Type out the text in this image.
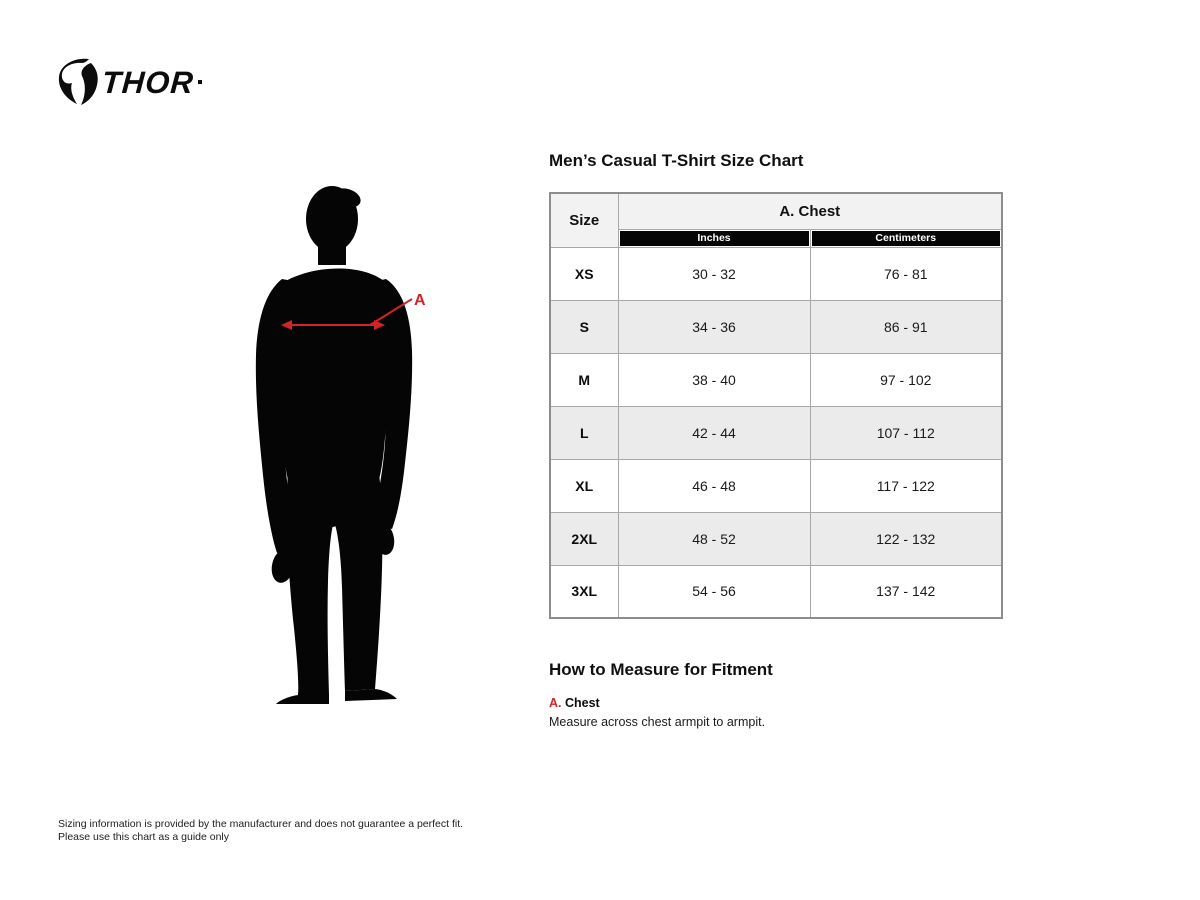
THOR
A
Men’s Casual T-Shirt Size Chart
Size	A. Chest	

	Inches	Centimeters

XS	30 - 32	76 - 81
S	34 - 36	86 - 91
M	38 - 40	97 - 102
L	42 - 44	107 - 112
XL	46 - 48	117 - 122
2XL	48 - 52	122 - 132
3XL	54 - 56	137 - 142
How to Measure for Fitment
A. Chest
Measure across chest armpit to armpit.
Sizing information is provided by the manufacturer and does not guarantee a perfect fit.
Please use this chart as a guide only
